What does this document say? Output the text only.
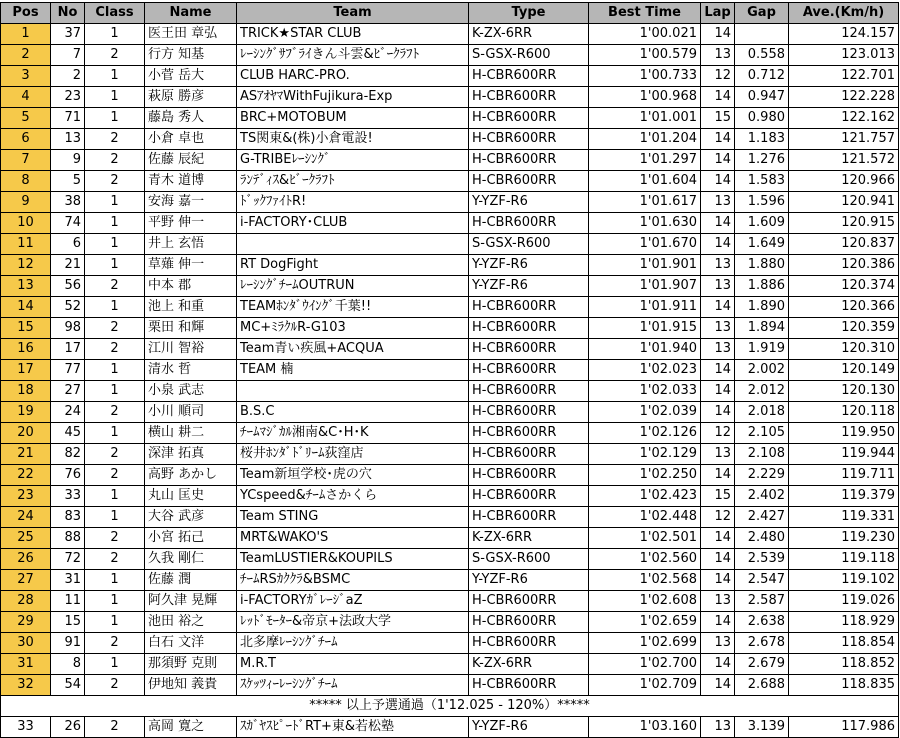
Pos	No	Class	Name	Team	Type	Best Time	Lap	Gap	Ave.(Km/h)
1	37	1	医王田 章弘	TRICK★STAR CLUB	K-ZX-6RR	1'00.021	14		124.157
2	7	2	行方 知基	ﾚｰｼﾝｸﾞｻﾌﾞﾗｲきん斗雲&ﾋﾞｰｸﾗﾌﾄ	S-GSX-R600	1'00.579	13	0.558	123.013
3	2	1	小菅 岳大	CLUB HARC-PRO.	H-CBR600RR	1'00.733	12	0.712	122.701
4	23	1	萩原 勝彦	ASｱｵﾔﾏWithFujikura-Exp	H-CBR600RR	1'00.968	14	0.947	122.228
5	71	1	藤島 秀人	BRC+MOTOBUM	H-CBR600RR	1'01.001	15	0.980	122.162
6	13	2	小倉 卓也	TS関東&(株)小倉電設!	H-CBR600RR	1'01.204	14	1.183	121.757
7	9	2	佐藤 辰紀	G-TRIBEﾚｰｼﾝｸﾞ	H-CBR600RR	1'01.297	14	1.276	121.572
8	5	2	青木 道博	ﾗﾝﾃﾞｨｽ&ﾋﾞｰｸﾗﾌﾄ	H-CBR600RR	1'01.604	14	1.583	120.966
9	38	1	安海 嘉一	ﾄﾞｯｸﾌｧｲﾄR!	Y-YZF-R6	1'01.617	13	1.596	120.941
10	74	1	平野 伸一	i-FACTORY･CLUB	H-CBR600RR	1'01.630	14	1.609	120.915
11	6	1	井上 玄悟		S-GSX-R600	1'01.670	14	1.649	120.837
12	21	1	草薙 伸一	RT DogFight	Y-YZF-R6	1'01.901	13	1.880	120.386
13	56	2	中本 郡	ﾚｰｼﾝｸﾞﾁｰﾑOUTRUN	Y-YZF-R6	1'01.907	13	1.886	120.374
14	52	1	池上 和重	TEAMﾎﾝﾀﾞｳｲﾝｸﾞ千葉!!	H-CBR600RR	1'01.911	14	1.890	120.366
15	98	2	栗田 和輝	MC+ﾐﾗｸﾙR-G103	H-CBR600RR	1'01.915	13	1.894	120.359
16	17	2	江川 智裕	Team青い疾風+ACQUA	H-CBR600RR	1'01.940	13	1.919	120.310
17	77	1	清水 哲	TEAM 楠	H-CBR600RR	1'02.023	14	2.002	120.149
18	27	1	小泉 武志		H-CBR600RR	1'02.033	14	2.012	120.130
19	24	2	小川 順司	B.S.C	H-CBR600RR	1'02.039	14	2.018	120.118
20	45	1	横山 耕二	ﾁｰﾑﾏｼﾞｶﾙ湘南&C･H･K	H-CBR600RR	1'02.126	12	2.105	119.950
21	82	2	深津 拓真	桜井ﾎﾝﾀﾞﾄﾞﾘｰﾑ荻窪店	H-CBR600RR	1'02.129	13	2.108	119.944
22	76	2	高野 あかし	Team新垣学校･虎の穴	H-CBR600RR	1'02.250	14	2.229	119.711
23	33	1	丸山 匡史	YCspeed&ﾁｰﾑさかくら	H-CBR600RR	1'02.423	15	2.402	119.379
24	83	1	大谷 武彦	Team STING	H-CBR600RR	1'02.448	12	2.427	119.331
25	88	2	小宮 拓己	MRT&WAKO'S	K-ZX-6RR	1'02.501	14	2.480	119.230
26	72	2	久我 剛仁	TeamLUSTIER&KOUPILS	S-GSX-R600	1'02.560	14	2.539	119.118
27	31	1	佐藤 潤	ﾁｰﾑRSｶｸｸﾗ&BSMC	Y-YZF-R6	1'02.568	14	2.547	119.102
28	11	1	阿久津 晃輝	i-FACTORYｶﾞﾚｰｼﾞaZ	H-CBR600RR	1'02.608	13	2.587	119.026
29	15	1	池田 裕之	ﾚｯﾄﾞﾓｰﾀｰ&帝京+法政大学	H-CBR600RR	1'02.659	14	2.638	118.929
30	91	2	白石 文洋	北多摩ﾚｰｼﾝｸﾞﾁｰﾑ	H-CBR600RR	1'02.699	13	2.678	118.854
31	8	1	那須野 克則	M.R.T	K-ZX-6RR	1'02.700	14	2.679	118.852
32	54	2	伊地知 義貴	ｽｹｯﾂｨｰﾚｰｼﾝｸﾞﾁｰﾑ	H-CBR600RR	1'02.709	14	2.688	118.835
***** 以上予選通過（1'12.025 - 120%）*****									
33	26	2	高岡 寛之	ｽｶﾞﾔｽﾋﾟｰﾄﾞRT+東&若松塾	Y-YZF-R6	1'03.160	13	3.139	117.986
